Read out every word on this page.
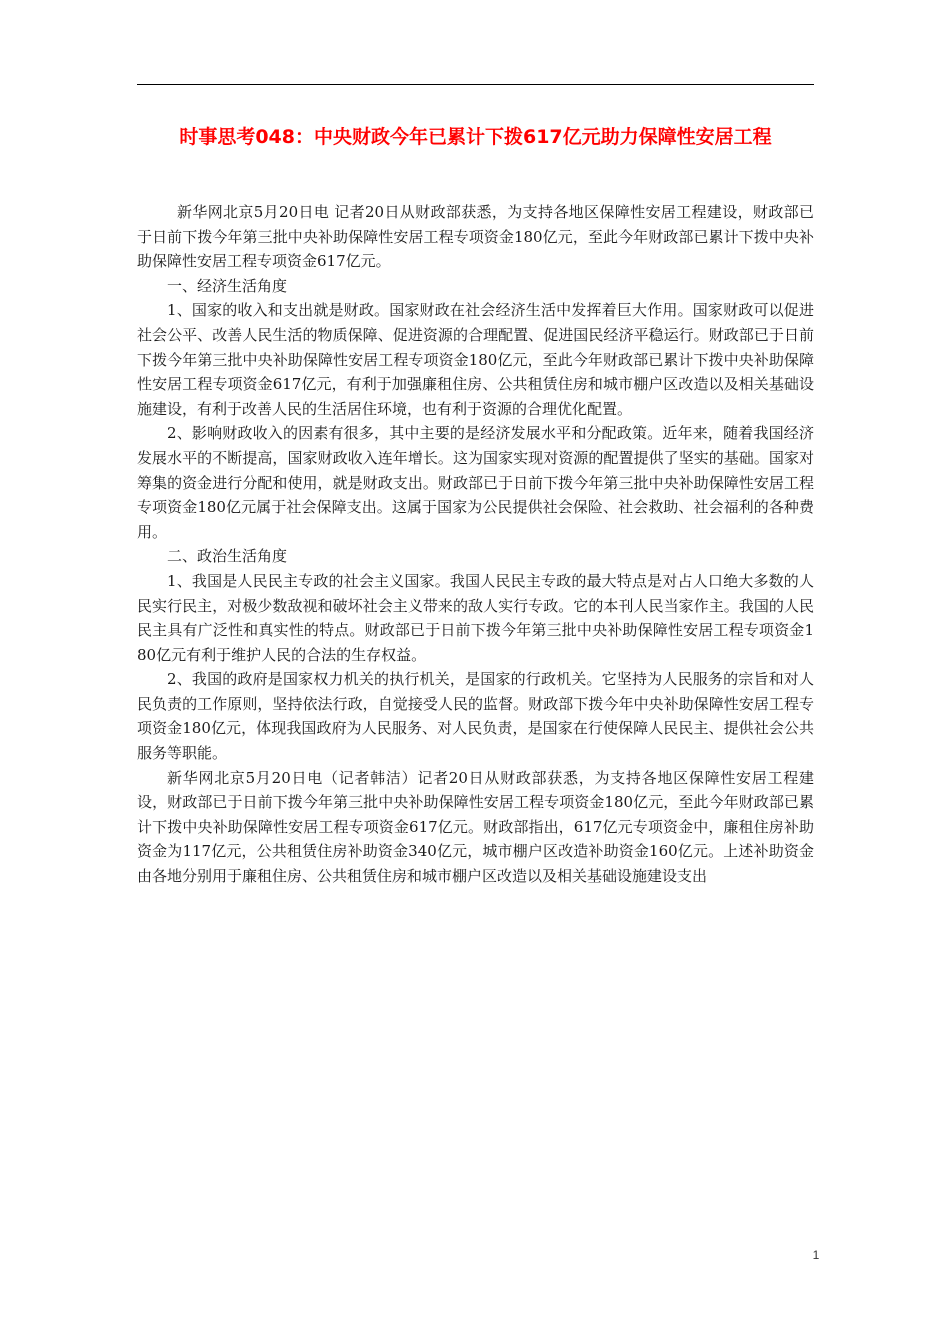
时事思考048：中央财政今年已累计下拨617亿元助力保障性安居工程

新华网北京5月20日电 记者20日从财政部获悉，为支持各地区保障性安居工程建设，财政部已于日前下拨今年第三批中央补助保障性安居工程专项资金180亿元，至此今年财政部已累计下拨中央补助保障性安居工程专项资金617亿元。

一、经济生活角度

1、国家的收入和支出就是财政。国家财政在社会经济生活中发挥着巨大作用。国家财政可以促进社会公平、改善人民生活的物质保障、促进资源的合理配置、促进国民经济平稳运行。财政部已于日前下拨今年第三批中央补助保障性安居工程专项资金180亿元，至此今年财政部已累计下拨中央补助保障性安居工程专项资金617亿元，有利于加强廉租住房、公共租赁住房和城市棚户区改造以及相关基础设施建设，有利于改善人民的生活居住环境，也有利于资源的合理优化配置。

2、影响财政收入的因素有很多，其中主要的是经济发展水平和分配政策。近年来，随着我国经济发展水平的不断提高，国家财政收入连年增长。这为国家实现对资源的配置提供了坚实的基础。国家对筹集的资金进行分配和使用，就是财政支出。财政部已于日前下拨今年第三批中央补助保障性安居工程专项资金180亿元属于社会保障支出。这属于国家为公民提供社会保险、社会救助、社会福利的各种费用。

二、政治生活角度

1、我国是人民民主专政的社会主义国家。我国人民民主专政的最大特点是对占人口绝大多数的人民实行民主，对极少数敌视和破坏社会主义带来的敌人实行专政。它的本刊人民当家作主。我国的人民民主具有广泛性和真实性的特点。财政部已于日前下拨今年第三批中央补助保障性安居工程专项资金180亿元有利于维护人民的合法的生存权益。

2、我国的政府是国家权力机关的执行机关，是国家的行政机关。它坚持为人民服务的宗旨和对人民负责的工作原则，坚持依法行政，自觉接受人民的监督。财政部下拨今年中央补助保障性安居工程专项资金180亿元，体现我国政府为人民服务、对人民负责，是国家在行使保障人民民主、提供社会公共服务等职能。

新华网北京5月20日电（记者韩洁）记者20日从财政部获悉，为支持各地区保障性安居工程建设，财政部已于日前下拨今年第三批中央补助保障性安居工程专项资金180亿元，至此今年财政部已累计下拨中央补助保障性安居工程专项资金617亿元。财政部指出，617亿元专项资金中，廉租住房补助资金为117亿元，公共租赁住房补助资金340亿元，城市棚户区改造补助资金160亿元。上述补助资金由各地分别用于廉租住房、公共租赁住房和城市棚户区改造以及相关基础设施建设支出

1
